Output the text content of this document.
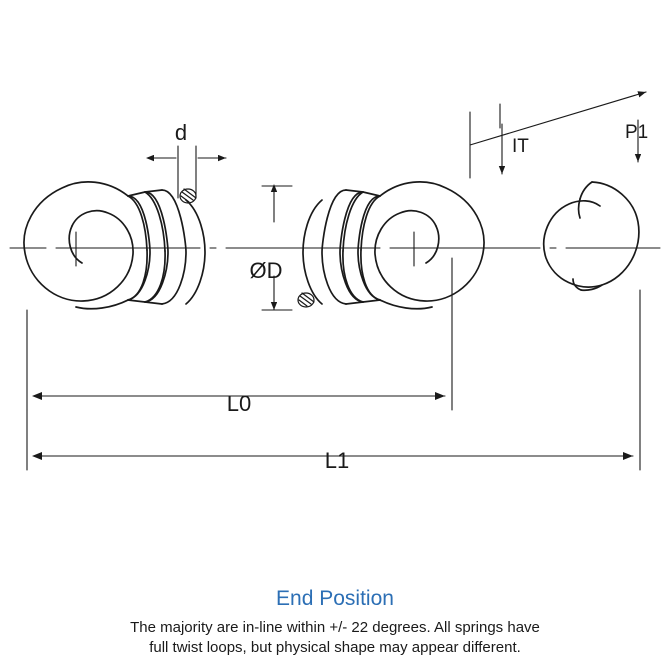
d
ØD
L0
L1
IT
P1
End Position
The majority are in-line within +/- 22 degrees. All springs have
full twist loops, but physical shape may appear different.
